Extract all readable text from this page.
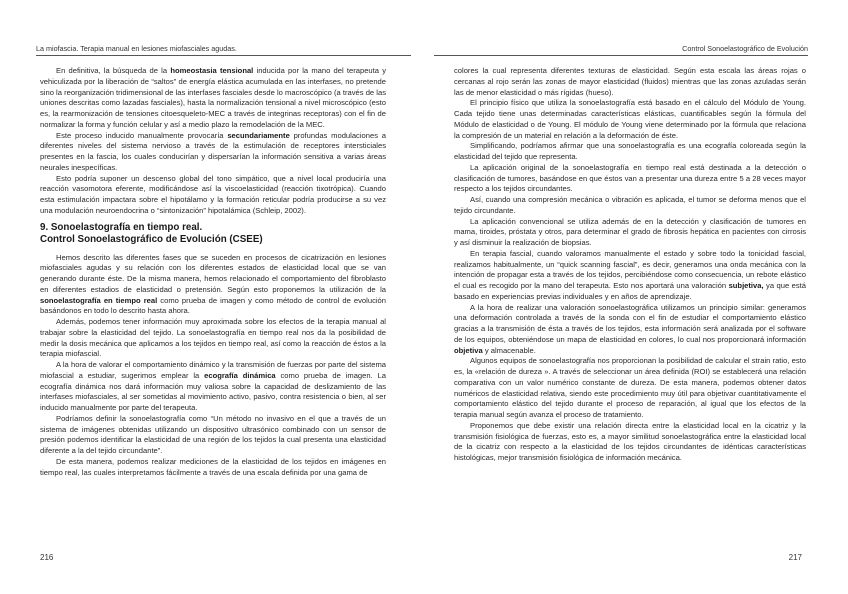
La miofascia. Terapia manual en lesiones miofasciales agudas.

En definitiva, la búsqueda de la homeostasia tensional inducida por la mano del terapeuta y vehiculizada por la liberación de “saltos” de energía elástica acumulada en las interfases, no pretende sino la reorganización tridimensional de las interfases fasciales desde lo macroscópico (a través de las uniones descritas como lazadas fasciales), hasta la normalización tensional a nivel microscópico (esto es, la rearmonización de tensiones citoesqueleto-MEC a través de integrinas receptoras) con el fin de normalizar la forma y función celular y así a medio plazo la remodelación de la MEC.

Este proceso inducido manualmente provocaría secundariamente profundas modulaciones a diferentes niveles del sistema nervioso a través de la estimulación de receptores intersticiales presentes en la fascia, los cuales conducirían y dispersarían la información sensitiva a varias áreas neurales inespecíficas.

Esto podría suponer un descenso global del tono simpático, que a nivel local produciría una reacción vasomotora eferente, modificándose así la viscoelasticidad (reacción tixotrópica). Cuando esta estimulación impactara sobre el hipotálamo y la formación reticular podría producirse a su vez una modulación neuroendocrina o “sintonización” hipotalámica (Schleip, 2002).

9. Sonoelastografía en tiempo real.
Control Sonoelastográfico de Evolución (CSEE)

Hemos descrito las diferentes fases que se suceden en procesos de cicatrización en lesiones miofasciales agudas y su relación con los diferentes estados de elasticidad local que se van generando durante éste. De la misma manera, hemos relacionado el comportamiento del fibroblasto en diferentes estadios de elasticidad o pretensión. Según esto proponemos la utilización de la sonoelastografía en tiempo real como prueba de imagen y como método de control de evolución basándonos en todo lo descrito hasta ahora.

Además, podemos tener información muy aproximada sobre los efectos de la terapia manual al trabajar sobre la elasticidad del tejido. La sonoelastografía en tiempo real nos da la posibilidad de medir la dosis mecánica que aplicamos a los tejidos en tiempo real, así como la reacción de éstos a la terapia miofascial.

A la hora de valorar el comportamiento dinámico y la transmisión de fuerzas por parte del sistema miofascial a estudiar, sugerimos emplear la ecografía dinámica como prueba de imagen. La ecografía dinámica nos dará información muy valiosa sobre la capacidad de deslizamiento de las interfases miofasciales, al ser sometidas al movimiento activo, pasivo, contra resistencia o bien, al ser inducido manualmente por parte del terapeuta.

Podríamos definir la sonoelastografía como “Un método no invasivo en el que a través de un sistema de imágenes obtenidas utilizando un dispositivo ultrasónico combinado con un sensor de presión podemos identificar la elasticidad de una región de los tejidos la cual presenta una elasticidad diferente a la del tejido circundante”.

De esta manera, podemos realizar mediciones de la elasticidad de los tejidos en imágenes en tiempo real, las cuales interpretamos fácilmente a través de una escala definida por una gama de

216
Control Sonoelastográfico de Evolución

colores la cual representa diferentes texturas de elasticidad. Según esta escala las áreas rojas o cercanas al rojo serán las zonas de mayor elasticidad (fluidos) mientras que las zonas azuladas serán las de menor elasticidad o más rígidas (hueso).

El principio físico que utiliza la sonoelastografía está basado en el cálculo del Módulo de Young. Cada tejido tiene unas determinadas características elásticas, cuantificables según la fórmula del Módulo de elasticidad o de Young. El módulo de Young viene determinado por la fórmula que relaciona la compresión de un material en relación a la deformación de éste.

Simplificando, podríamos afirmar que una sonoelastografía es una ecografía coloreada según la elasticidad del tejido que representa.

La aplicación original de la sonoelastografía en tiempo real está destinada a la detección o clasificación de tumores, basándose en que éstos van a presentar una dureza entre 5 a 28 veces mayor respecto a los tejidos circundantes.

Así, cuando una compresión mecánica o vibración es aplicada, el tumor se deforma menos que el tejido circundante.

La aplicación convencional se utiliza además de en la detección y clasificación de tumores en mama, tiroides, próstata y otros, para determinar el grado de fibrosis hepática en pacientes con cirrosis y así disminuir la realización de biopsias.

En terapia fascial, cuando valoramos manualmente el estado y sobre todo la tonicidad fascial, realizamos habitualmente, un “quick scanning fascial”, es decir, generamos una onda mecánica con la intención de propagar esta a través de los tejidos, percibiéndose como consecuencia, un rebote elástico el cual es recogido por la mano del terapeuta. Esto nos aportará una valoración subjetiva, ya que está basado en experiencias previas individuales y en años de aprendizaje.

A la hora de realizar una valoración sonoelastográfica utilizamos un principio similar: generamos una deformación controlada a través de la sonda con el fin de estudiar el comportamiento elástico gracias a la transmisión de ésta a través de los tejidos, esta información será analizada por el software de los equipos, obteniéndose un mapa de elasticidad en colores, lo cual nos proporcionará información objetiva y almacenable.

Algunos equipos de sonoelastografía nos proporcionan la posibilidad de calcular el strain ratio, esto es, la «relación de dureza ». A través de seleccionar un área definida (ROI) se establecerá una relación comparativa con un valor numérico constante de dureza. De esta manera, podemos obtener datos numéricos de elasticidad relativa, siendo este procedimiento muy útil para objetivar cuantitativamente el comportamiento elástico del tejido durante el proceso de reparación, al igual que los efectos de la terapia manual según avanza el proceso de tratamiento.

Proponemos que debe existir una relación directa entre la elasticidad local en la cicatriz y la transmisión fisiológica de fuerzas, esto es, a mayor similitud sonoelastográfica entre la elasticidad local de la cicatriz con respecto a la elasticidad de los tejidos circundantes de idénticas características histológicas, mejor transmisión fisiológica de información mecánica.

217
